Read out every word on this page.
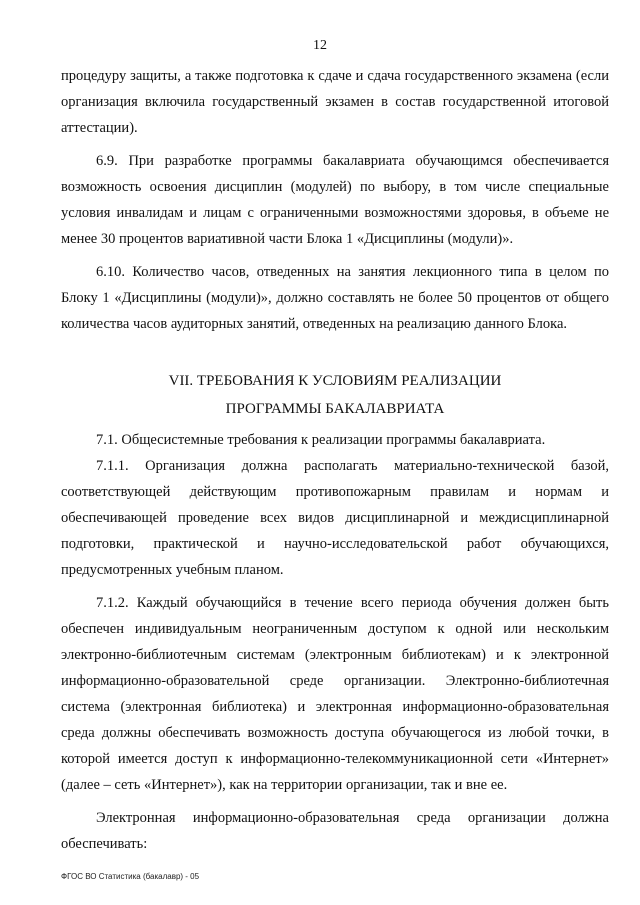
12

процедуру защиты, а также подготовка к сдаче и сдача государственного экзамена (если организация включила государственный экзамен в состав государственной итоговой аттестации).

6.9. При разработке программы бакалавриата обучающимся обеспечивается возможность освоения дисциплин (модулей) по выбору, в том числе специальные условия инвалидам и лицам с ограниченными возможностями здоровья, в объеме не менее 30 процентов вариативной части Блока 1 «Дисциплины (модули)».

6.10. Количество часов, отведенных на занятия лекционного типа в целом по Блоку 1 «Дисциплины (модули)», должно составлять не более 50 процентов от общего количества часов аудиторных занятий, отведенных на реализацию данного Блока.

VII. ТРЕБОВАНИЯ К УСЛОВИЯМ РЕАЛИЗАЦИИ

ПРОГРАММЫ БАКАЛАВРИАТА

7.1. Общесистемные требования к реализации программы бакалавриата.

7.1.1. Организация должна располагать материально-технической базой, соответствующей действующим противопожарным правилам и нормам и обеспечивающей проведение всех видов дисциплинарной и междисциплинарной подготовки, практической и научно-исследовательской работ обучающихся, предусмотренных учебным планом.

7.1.2. Каждый обучающийся в течение всего периода обучения должен быть обеспечен индивидуальным неограниченным доступом к одной или нескольким электронно-библиотечным системам (электронным библиотекам) и к электронной информационно-образовательной среде организации. Электронно-библиотечная система (электронная библиотека) и электронная информационно-образовательная среда должны обеспечивать возможность доступа обучающегося из любой точки, в которой имеется доступ к информационно-телекоммуникационной сети «Интернет» (далее – сеть «Интернет»), как на территории организации, так и вне ее.

Электронная информационно-образовательная среда организации должна обеспечивать:

ФГОС ВО Статистика (бакалавр) - 05
